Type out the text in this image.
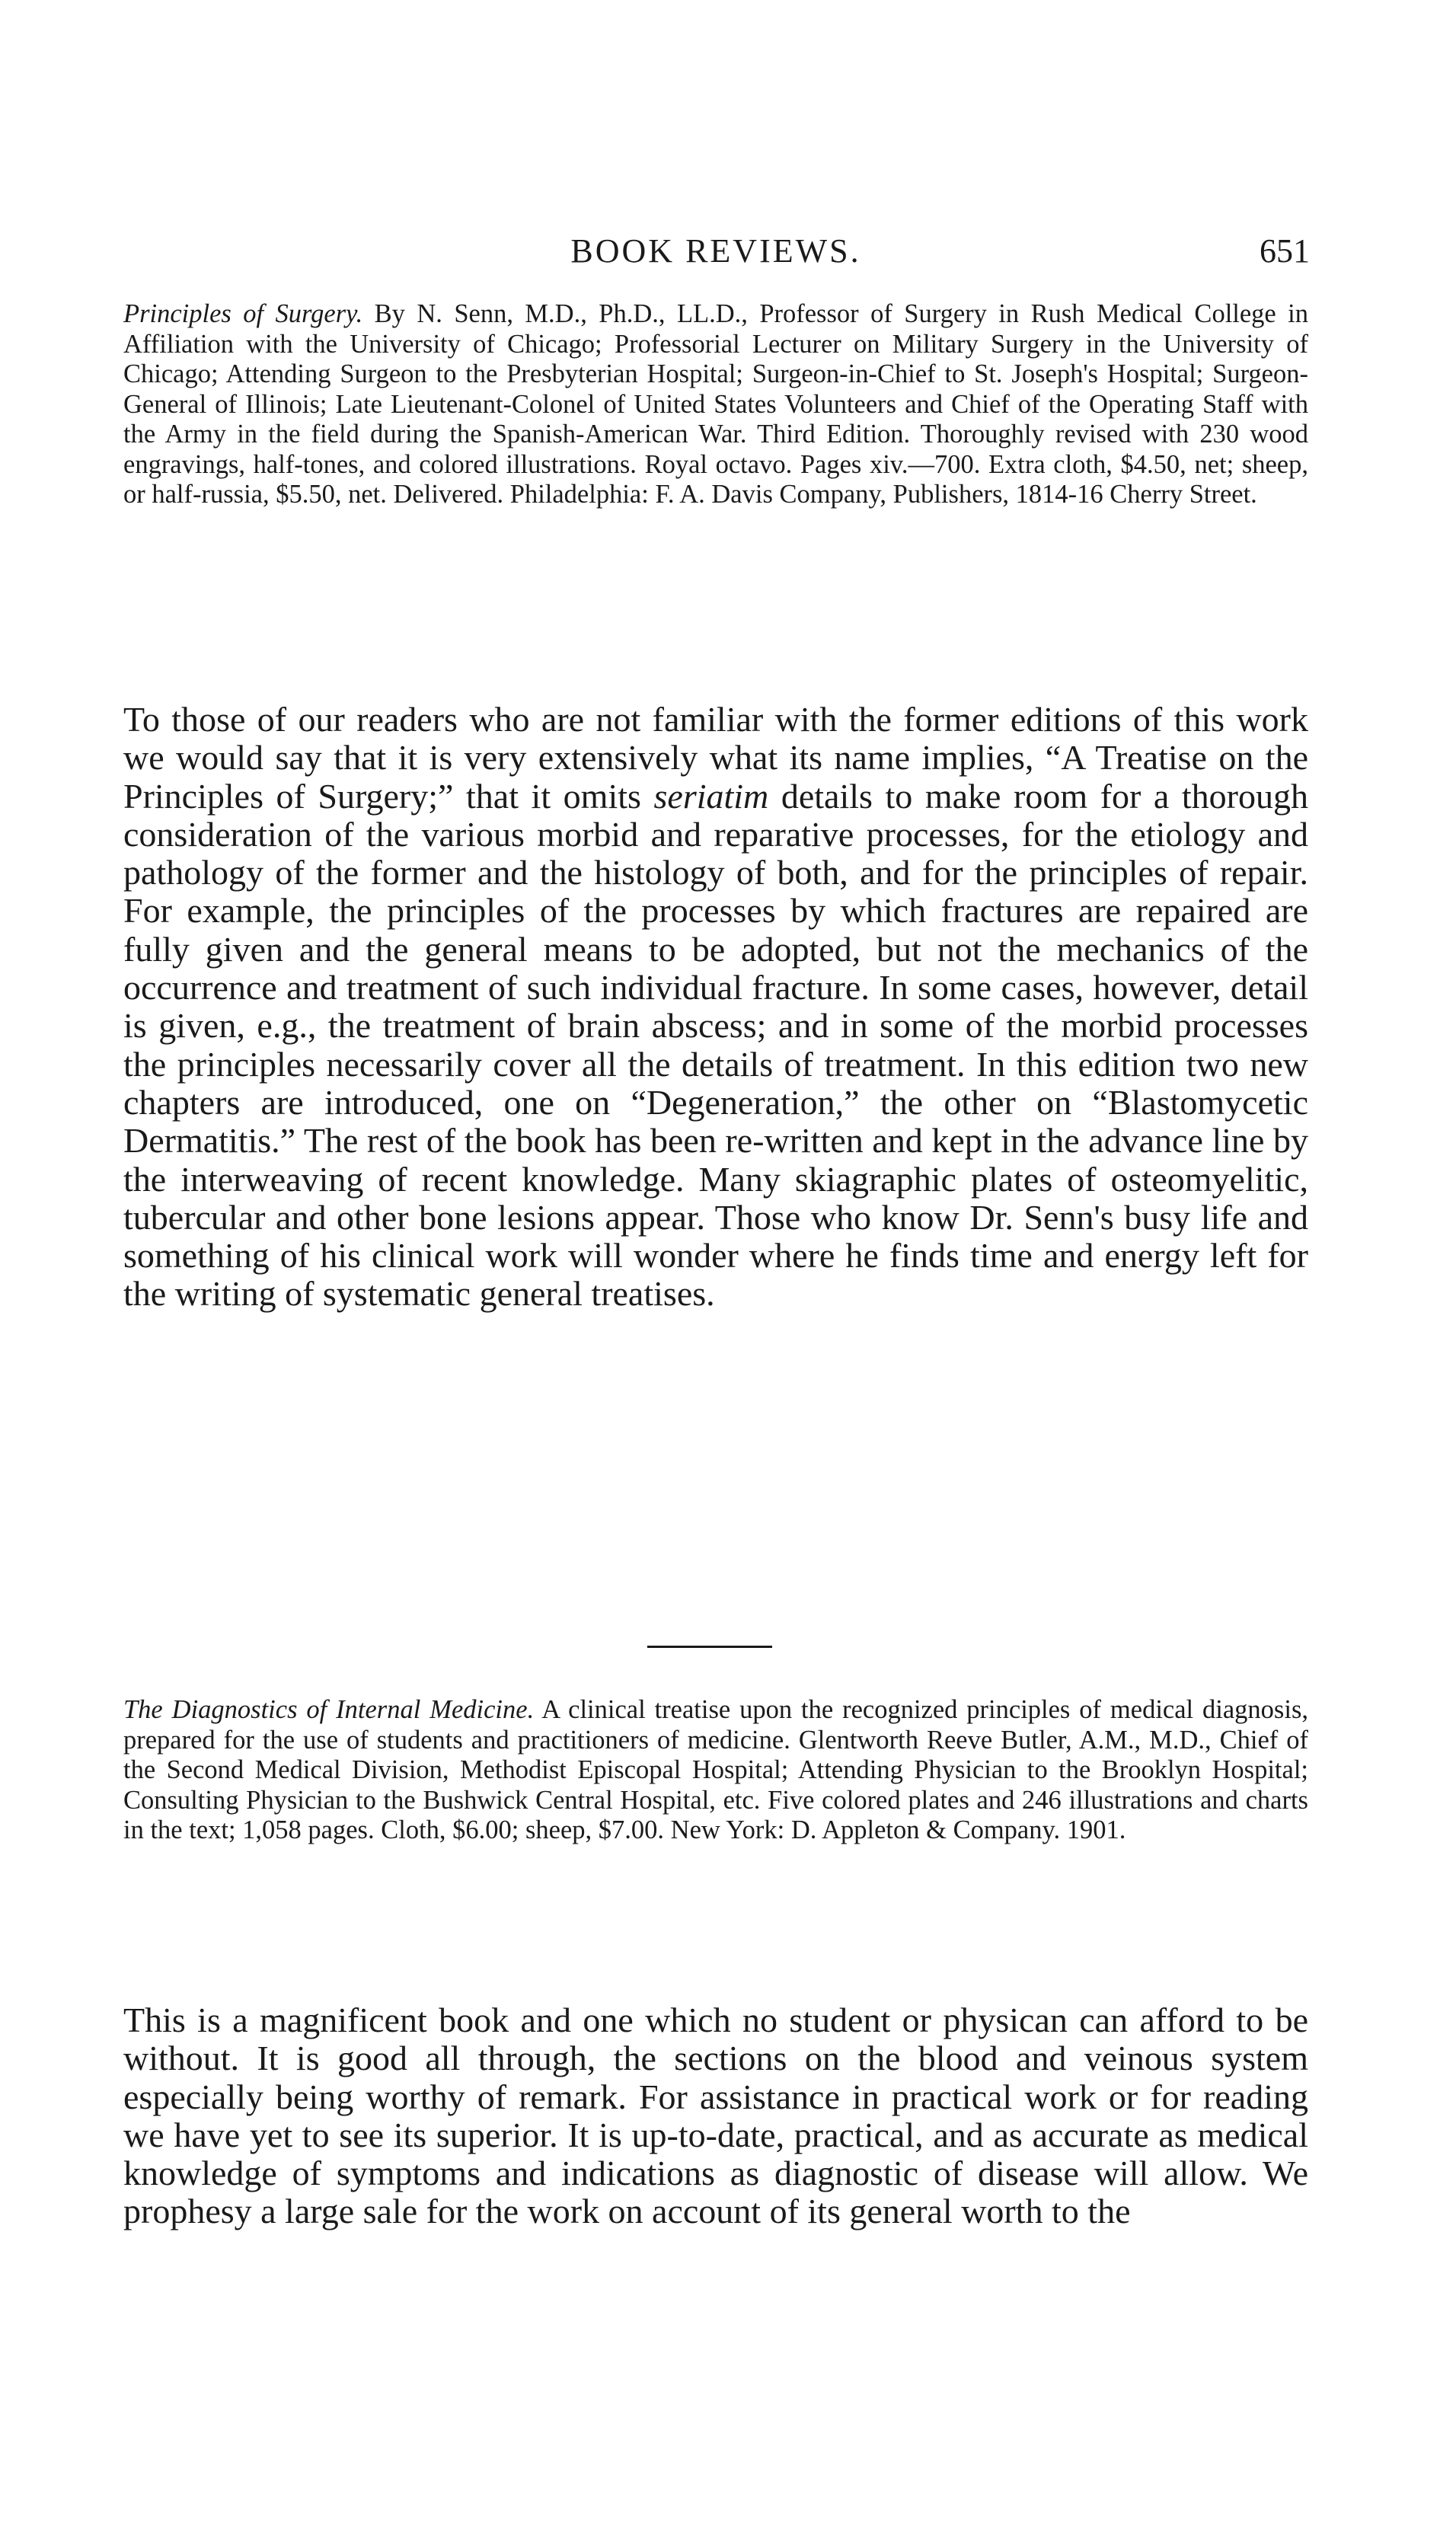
BOOK REVIEWS.	651

Principles of Surgery. By N. Senn, M.D., Ph.D., LL.D., Professor of Surgery in Rush Medical College in Affiliation with the University of Chicago; Professorial Lecturer on Military Surgery in the University of Chicago; Attending Surgeon to the Presbyterian Hospital; Surgeon-in-Chief to St. Joseph's Hospital; Surgeon-General of Illinois; Late Lieutenant-Colonel of United States Volunteers and Chief of the Operating Staff with the Army in the field during the Spanish-American War. Third Edition. Thoroughly revised with 230 wood engravings, half-tones, and colored illustrations. Royal octavo. Pages xiv.—700. Extra cloth, $4.50, net; sheep, or half-russia, $5.50, net. Delivered. Philadelphia: F. A. Davis Company, Publishers, 1814-16 Cherry Street.

To those of our readers who are not familiar with the former editions of this work we would say that it is very extensively what its name implies, “A Treatise on the Principles of Surgery;” that it omits seriatim details to make room for a thorough consideration of the various morbid and reparative processes, for the etiology and pathology of the former and the histology of both, and for the principles of repair. For example, the principles of the processes by which fractures are repaired are fully given and the general means to be adopted, but not the mechanics of the occurrence and treatment of such individual fracture. In some cases, however, detail is given, e.g., the treatment of brain abscess; and in some of the morbid processes the principles necessarily cover all the details of treatment. In this edition two new chapters are introduced, one on “Degeneration,” the other on “Blastomycetic Dermatitis.” The rest of the book has been re-written and kept in the advance line by the interweaving of recent knowledge. Many skiagraphic plates of osteomyelitic, tubercular and other bone lesions appear. Those who know Dr. Senn's busy life and something of his clinical work will wonder where he finds time and energy left for the writing of systematic general treatises.

The Diagnostics of Internal Medicine. A clinical treatise upon the recognized principles of medical diagnosis, prepared for the use of students and practitioners of medicine. Glentworth Reeve Butler, A.M., M.D., Chief of the Second Medical Division, Methodist Episcopal Hospital; Attending Physician to the Brooklyn Hospital; Consulting Physician to the Bushwick Central Hospital, etc. Five colored plates and 246 illustrations and charts in the text; 1,058 pages. Cloth, $6.00; sheep, $7.00. New York: D. Appleton & Company. 1901.

This is a magnificent book and one which no student or physican can afford to be without. It is good all through, the sections on the blood and veinous system especially being worthy of remark. For assistance in practical work or for reading we have yet to see its superior. It is up-to-date, practical, and as accurate as medical knowledge of symptoms and indications as diagnostic of disease will allow. We prophesy a large sale for the work on account of its general worth to the
